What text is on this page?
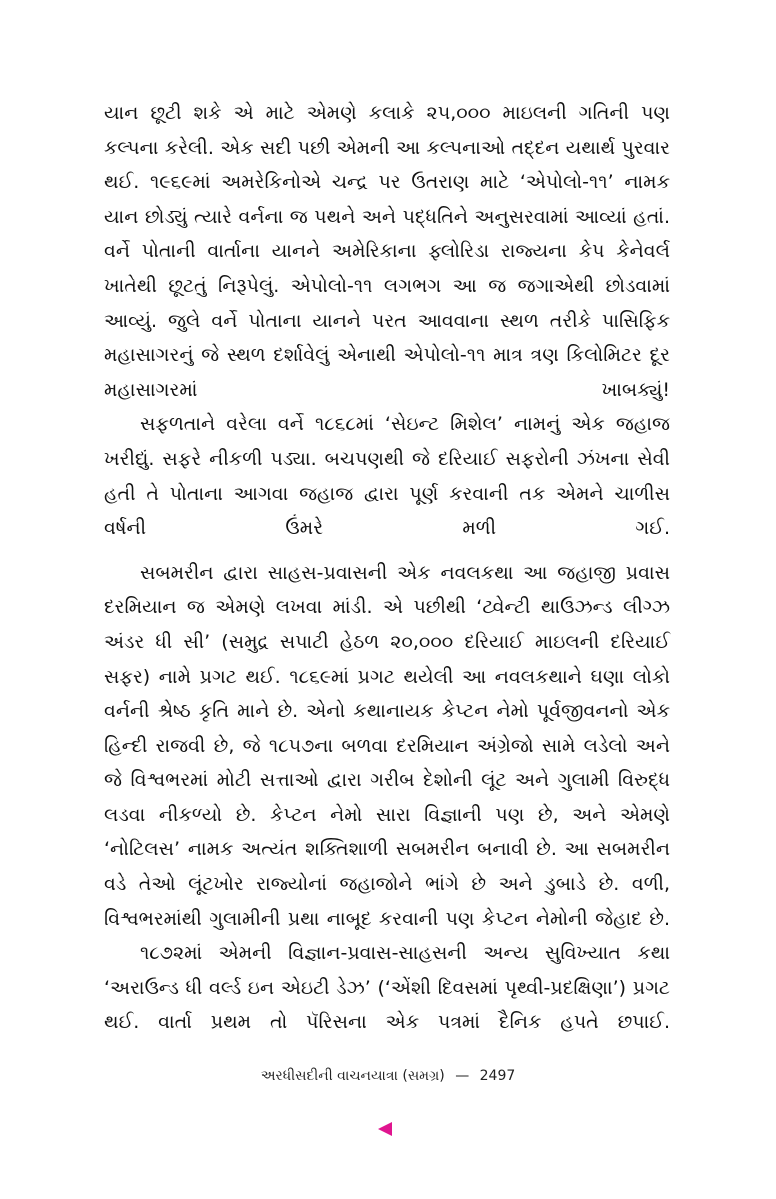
યાન છૂટી શકે એ માટે એમણે કલાકે ૨૫,૦૦૦ માઇલની ગતિની પણ કલ્પના કરેલી. એક સદી પછી એમની આ કલ્પનાઓ તદ્દન યથાર્થ પુરવાર થઈ. ૧૯૬૯માં અમરેકિનોએ ચન્દ્ર પર ઉતરાણ માટે ‘એપોલો-૧૧’ નામક યાન છોડ્યું ત્યારે વર્નના જ પથને અને પદ્ધતિને અનુસરવામાં આવ્યાં હતાં. વર્ને પોતાની વાર્તાના યાનને અમેરિકાના ફ્લોરિડા રાજ્યના કેપ કેનેવર્લ ખાતેથી છૂટતું નિરૂપેલું. એપોલો-૧૧ લગભગ આ જ જગાએથી છોડવામાં આવ્યું. જુલે વર્ને પોતાના યાનને પરત આવવાના સ્થળ તરીકે પાસિફિક મહાસાગરનું જે સ્થળ દર્શાવેલું એનાથી એપોલો-૧૧ માત્ર ત્રણ કિલોમિટર દૂર મહાસાગરમાં ખાબક્યું!

સફળતાને વરેલા વર્ને ૧૮૬૮માં ‘સેઇન્ટ મિશેલ’ નામનું એક જહાજ ખરીદ્યું. સફરે નીકળી પડ્યા. બચપણથી જે દરિયાઈ સફરોની ઝંખના સેવી હતી તે પોતાના આગવા જહાજ દ્વારા પૂર્ણ કરવાની તક એમને ચાળીસ વર્ષની ઉંમરે મળી ગઈ.

સબમરીન દ્વારા સાહસ-પ્રવાસની એક નવલકથા આ જહાજી પ્રવાસ દરમિયાન જ એમણે લખવા માંડી. એ પછીથી ‘ટ્વેન્ટી થાઉઝન્ડ લીગ્ઝ અંડર ધી સી’ (સમુદ્ર સપાટી હેઠળ ૨૦,૦૦૦ દરિયાઈ માઇલની દરિયાઈ સફર) નામે પ્રગટ થઈ. ૧૮૬૯માં પ્રગટ થયેલી આ નવલકથાને ઘણા લોકો વર્નની શ્રેષ્ઠ કૃતિ માને છે. એનો કથાનાયક કેપ્ટન નેમો પૂર્વજીવનનો એક હિન્દી રાજવી છે, જે ૧૮૫૭ના બળવા દરમિયાન અંગ્રેજો સામે લડેલો અને જે વિશ્વભરમાં મોટી સત્તાઓ દ્વારા ગરીબ દેશોની લૂંટ અને ગુલામી વિરુદ્ધ લડવા નીકળ્યો છે. કેપ્ટન નેમો સારા વિજ્ઞાની પણ છે, અને એમણે ‘નોટિલસ’ નામક અત્યંત શક્તિશાળી સબમરીન બનાવી છે. આ સબમરીન વડે તેઓ લૂંટખોર રાજ્યોનાં જહાજોને ભાંગે છે અને ડુબાડે છે. વળી, વિશ્વભરમાંથી ગુલામીની પ્રથા નાબૂદ કરવાની પણ કેપ્ટન નેમોની જેહાદ છે.

૧૮૭૨માં એમની વિજ્ઞાન-પ્રવાસ-સાહસની અન્ય સુવિખ્યાત કથા ‘અરાઉન્ડ ધી વર્લ્ડ ઇન એઇટી ડેઝ’ (‘એંશી દિવસમાં પૃથ્વી-પ્રદક્ષિણા’) પ્રગટ થઈ. વાર્તા પ્રથમ તો પૅરિસના એક પત્રમાં દૈનિક હપતે છપાઈ.

અરધીસદીની વાચનયાત્રા (સમગ્ર) — 2497
